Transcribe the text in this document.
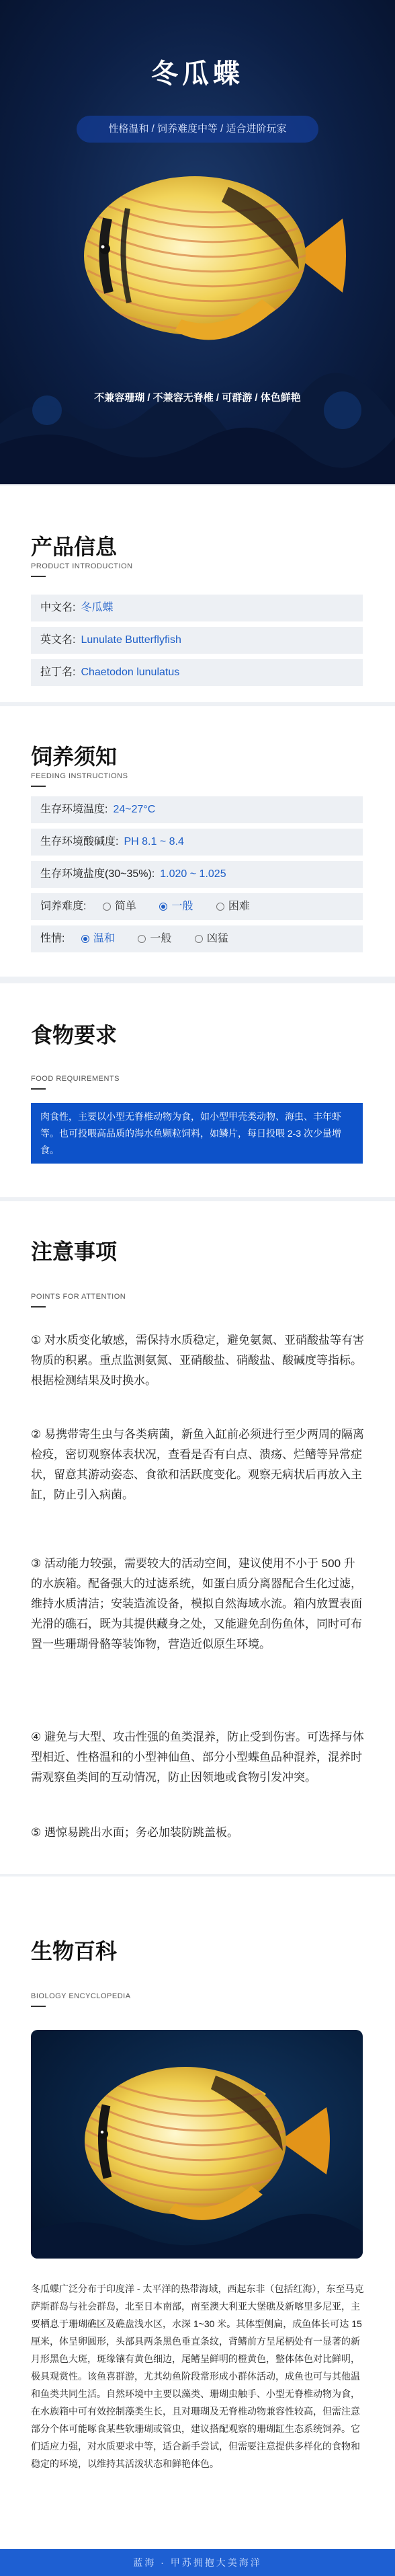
冬瓜蝶
性格温和 / 饲养难度中等 / 适合进阶玩家
不兼容珊瑚 / 不兼容无脊椎 / 可群游 / 体色鲜艳
产品信息
PRODUCT INTRODUCTION
中文名: 冬瓜蝶
英文名: Lunulate Butterflyfish
拉丁名: Chaetodon lunulatus
饲养须知
FEEDING INSTRUCTIONS
生存环境温度: 24~27°C
生存环境酸碱度: PH 8.1 ~ 8.4
生存环境盐度(30~35%): 1.020 ~ 1.025
饲养难度:	简单	一般	困难
性情:	温和	一般	凶猛
食物要求
FOOD REQUIREMENTS
肉食性，主要以小型无脊椎动物为食，如小型甲壳类动物、海虫、丰年虾等。也可投喂高品质的海水鱼颗粒饲料，如鳞片，每日投喂 2-3 次少量增食。
注意事项
POINTS FOR ATTENTION
① 对水质变化敏感，需保持水质稳定，避免氨氮、亚硝酸盐等有害物质的积累。重点监测氨氮、亚硝酸盐、硝酸盐、酸碱度等指标。根据检测结果及时换水。
② 易携带寄生虫与各类病菌，新鱼入缸前必须进行至少两周的隔离检疫，密切观察体表状况，查看是否有白点、溃疡、烂鳍等异常症状，留意其游动姿态、食欲和活跃度变化。观察无病状后再放入主缸，防止引入病菌。
③ 活动能力较强，需要较大的活动空间，建议使用不小于 500 升的水族箱。配备强大的过滤系统，如蛋白质分离器配合生化过滤，维持水质清洁；安装造流设备，模拟自然海域水流。箱内放置表面光滑的礁石，既为其提供藏身之处，又能避免刮伤鱼体，同时可布置一些珊瑚骨骼等装饰物，营造近似原生环境。
④ 避免与大型、攻击性强的鱼类混养，防止受到伤害。可选择与体型相近、性格温和的小型神仙鱼、部分小型蝶鱼品种混养，混养时需观察鱼类间的互动情况，防止因领地或食物引发冲突。
⑤ 遇惊易跳出水面；务必加装防跳盖板。
生物百科
BIOLOGY ENCYCLOPEDIA
冬瓜蝶广泛分布于印度洋 - 太平洋的热带海域，西起东非（包括红海），东至马克萨斯群岛与社会群岛，北至日本南部，南至澳大利亚大堡礁及新喀里多尼亚，主要栖息于珊瑚礁区及礁盘浅水区，水深 1~30 米。其体型侧扁，成鱼体长可达 15 厘米，体呈卵圆形，头部具两条黑色垂直条纹，背鳍前方呈尾柄处有一显著的新月形黑色大斑，斑缘镶有黄色细边，尾鳍呈鲜明的橙黄色，整体体色对比鲜明，极具观赏性。该鱼喜群游，尤其幼鱼阶段常形成小群体活动，成鱼也可与其他温和鱼类共同生活。自然环境中主要以藻类、珊瑚虫触手、小型无脊椎动物为食，在水族箱中可有效控制藻类生长，且对珊瑚及无脊椎动物兼容性较高，但需注意部分个体可能啄食某些软珊瑚或管虫，建议搭配观察的珊瑚缸生态系统饲养。它们适应力强，对水质要求中等，适合新手尝试，但需要注意提供多样化的食物和稳定的环境，以维持其活泼状态和鲜艳体色。
蓝海 · 甲苏拥抱大美海洋
